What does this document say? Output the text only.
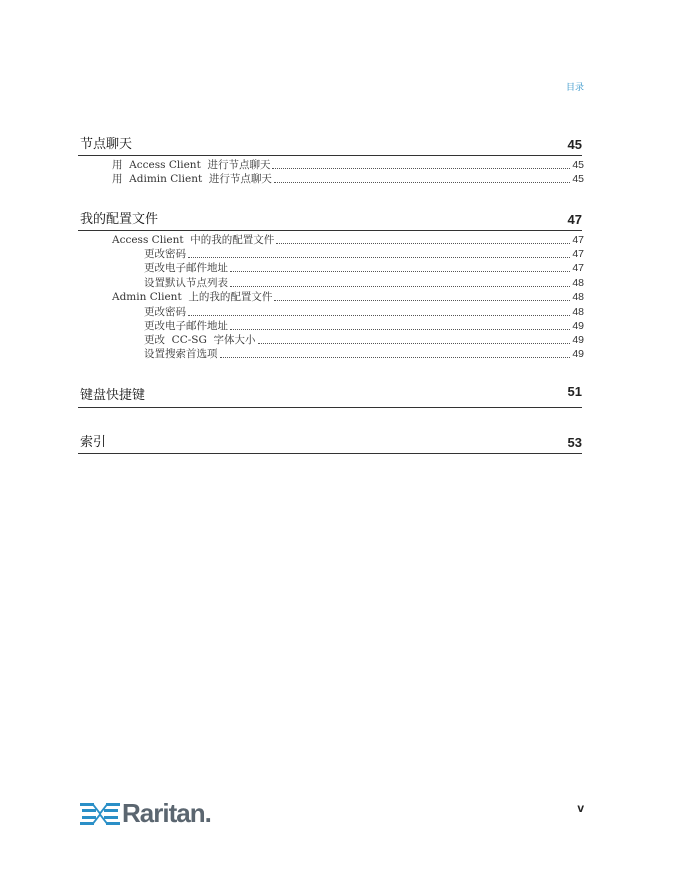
目录
节点聊天	45
用  Access Client  进行节点聊天	45
用  Adimin Client  进行节点聊天	45
我的配置文件	47
Access Client  中的我的配置文件	47
更改密码	47
更改电子邮件地址	47
设置默认节点列表	48
Admin Client  上的我的配置文件	48
更改密码	48
更改电子邮件地址	49
更改  CC-SG  字体大小	49
设置搜索首选项	49
键盘快捷键	51
索引	53
Raritan.	v
